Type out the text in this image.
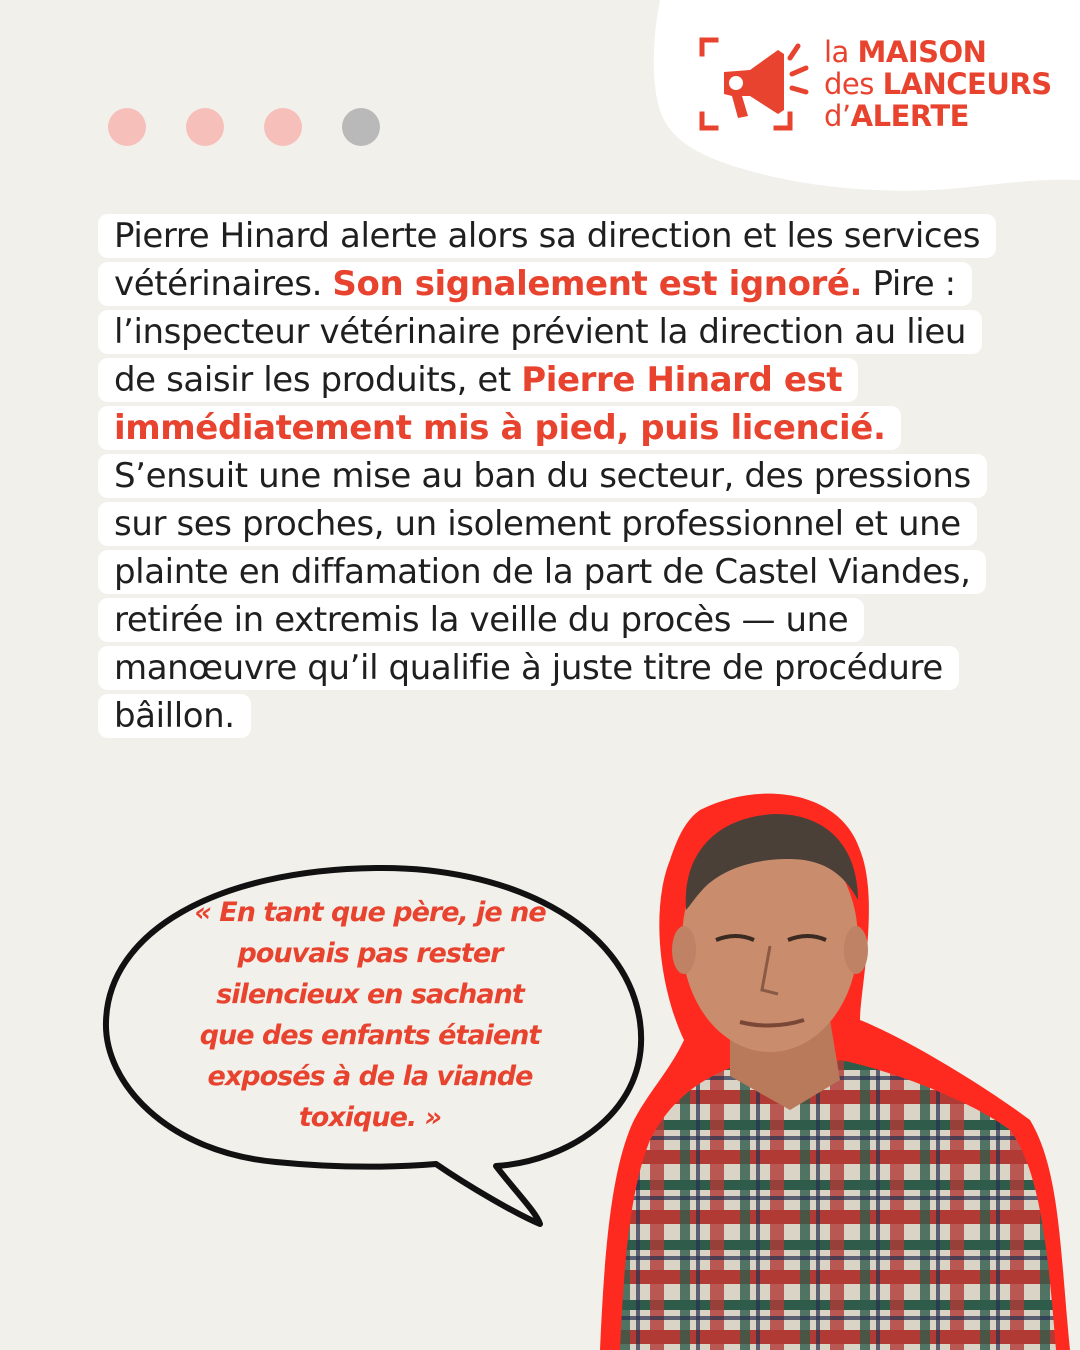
la MAISON
des LANCEURS
d’ALERTE

Pierre Hinard alerte alors sa direction et les services vétérinaires. Son signalement est ignoré. Pire : l’inspecteur vétérinaire prévient la direction au lieu de saisir les produits, et Pierre Hinard est immédiatement mis à pied, puis licencié. S’ensuit une mise au ban du secteur, des pressions sur ses proches, un isolement professionnel et une plainte en diffamation de la part de Castel Viandes, retirée in extremis la veille du procès — une manœuvre qu’il qualifie à juste titre de procédure bâillon.

« En tant que père, je ne
pouvais pas rester
silencieux en sachant
que des enfants étaient
exposés à de la viande
toxique. »
